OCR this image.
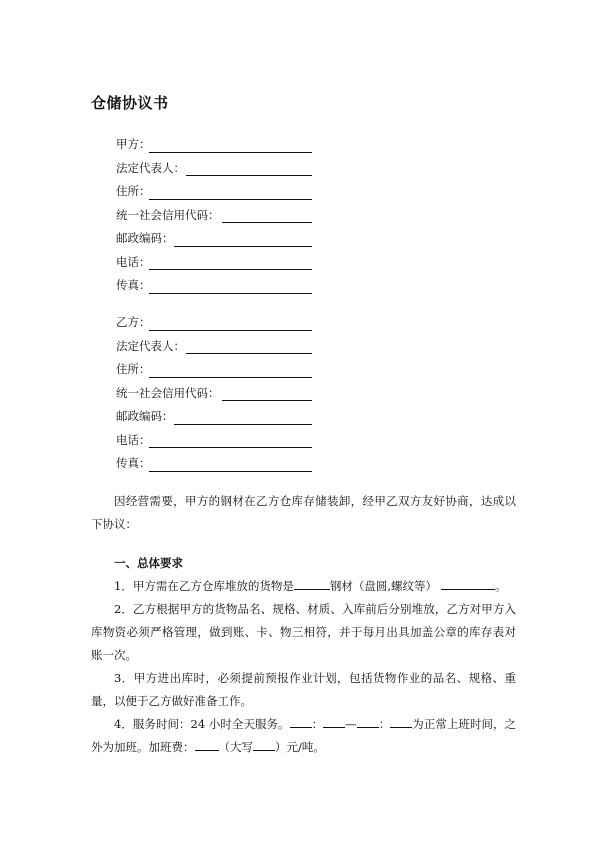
仓储协议书
甲方：
法定代表人：
住所：
统一社会信用代码：
邮政编码：
电话：
传真：
乙方：
法定代表人：
住所：
统一社会信用代码：
邮政编码：
电话：
传真：
因经营需要，甲方的钢材在乙方仓库存储装卸，经甲乙双方友好协商，达成以下协议：
一、总体要求
1．甲方需在乙方仓库堆放的货物是	钢材（盘圆,螺纹等）	。
2．乙方根据甲方的货物品名、规格、材质、入库前后分别堆放，乙方对甲方入库物资必须严格管理，做到账、卡、物三相符，并于每月出具加盖公章的库存表对账一次。
3．甲方进出库时，必须提前预报作业计划，包括货物作业的品名、规格、重量，以便于乙方做好准备工作。
4．服务时间：24 小时全天服务。 ： — ： 为正常上班时间，之外为加班。加班费： （大写 ）元/吨。
